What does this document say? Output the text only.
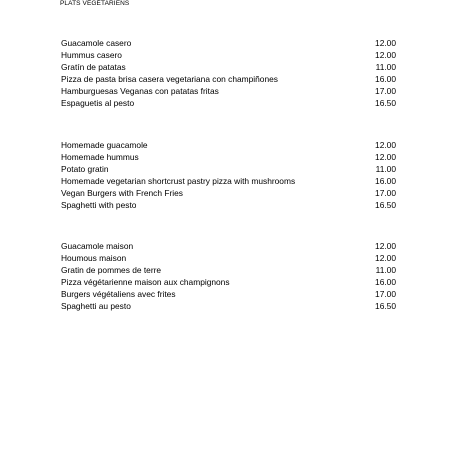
PLATS VÉGÉTARIENS
Guacamole casero	12.00
Hummus casero	12.00
Gratín de patatas	11.00
Pizza de pasta brisa casera vegetariana con champiñones	16.00
Hamburguesas Veganas con patatas fritas	17.00
Espaguetis al pesto	16.50
Homemade guacamole	12.00
Homemade hummus	12.00
Potato gratin	11.00
Homemade vegetarian shortcrust pastry pizza with mushrooms	16.00
Vegan Burgers with French Fries	17.00
Spaghetti with pesto	16.50
Guacamole maison	12.00
Houmous maison	12.00
Gratin de pommes de terre	11.00
Pizza végétarienne maison aux champignons	16.00
Burgers végétaliens avec frites	17.00
Spaghetti au pesto	16.50
